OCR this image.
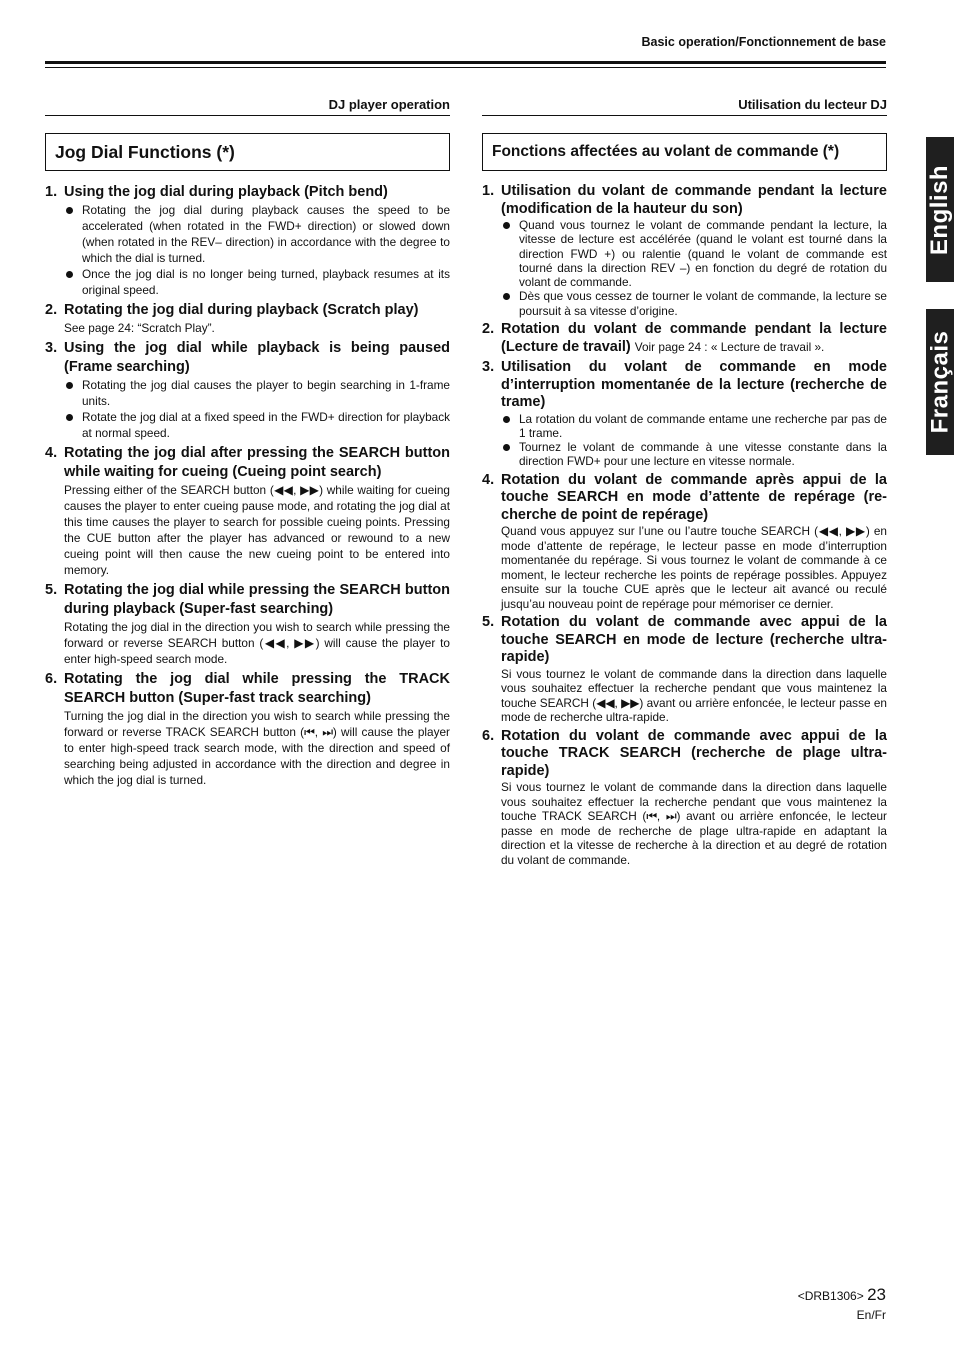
Basic operation/Fonctionnement de base
DJ player operation
Jog Dial Functions (*)
1. Using the jog dial during playback (Pitch bend)
Rotating the jog dial during playback causes the speed to be accelerated (when rotated in the FWD+ direction) or slowed down (when rotated in the REV– direction) in accordance with the degree to which the dial is turned.
Once the jog dial is no longer being turned, playback resumes at its original speed.
2. Rotating the jog dial during playback (Scratch play)
See page 24: “Scratch Play”.
3. Using the jog dial while playback is being paused (Frame searching)
Rotating the jog dial causes the player to begin searching in 1-frame units.
Rotate the jog dial at a fixed speed in the FWD+ direction for playback at normal speed.
4. Rotating the jog dial after pressing the SEARCH button while waiting for cueing (Cueing point search)
Pressing either of the SEARCH button (◀◀, ▶▶) while waiting for cueing causes the player to enter cueing pause mode, and rotating the jog dial at this time causes the player to search for possible cueing points. Pressing the CUE button after the player has advanced or rewound to a new cueing point will then cause the new cueing point to be entered into memory.
5. Rotating the jog dial while pressing the SEARCH button during playback (Super-fast searching)
Rotating the jog dial in the direction you wish to search while pressing the forward or reverse SEARCH button (◀◀, ▶▶) will cause the player to enter high-speed search mode.
6. Rotating the jog dial while pressing the TRACK SEARCH button (Super-fast track searching)
Turning the jog dial in the direction you wish to search while pressing the forward or reverse TRACK SEARCH button (⏮, ⏭) will cause the player to enter high-speed track search mode, with the direction and speed of searching being adjusted in accordance with the direction and degree in which the jog dial is turned.
Utilisation du lecteur DJ
Fonctions affectées au volant de commande (*)
1. Utilisation du volant de commande pendant la lecture (modification de la hauteur du son)
Quand vous tournez le volant de commande pendant la lecture, la vitesse de lecture est accélérée (quand le volant est tourné dans la direction FWD +) ou ralentie (quand le volant de commande est tourné dans la direction REV –) en fonction du degré de rotation du volant de commande.
Dès que vous cessez de tourner le volant de commande, la lecture se poursuit à sa vitesse d’origine.
2. Rotation du volant de commande pendant la lecture (Lecture de travail) Voir page 24 : « Lecture de travail ».
3. Utilisation du volant de commande en mode d’interruption momentanée de la lecture (recherche de trame)
La rotation du volant de commande entame une recherche par pas de 1 trame.
Tournez le volant de commande à une vitesse constante dans la direction FWD+ pour une lecture en vitesse normale.
4. Rotation du volant de commande après appui de la touche SEARCH en mode d’attente de repérage (re-cherche de point de repérage)
Quand vous appuyez sur l’une ou l’autre touche SEARCH (◀◀, ▶▶) en mode d’attente de repérage, le lecteur passe en mode d’interruption momentanée du repérage. Si vous tournez le volant de commande à ce moment, le lecteur recherche les points de repérage possibles. Appuyez ensuite sur la touche CUE après que le lecteur ait avancé ou reculé jusqu’au nouveau point de repérage pour mémoriser ce dernier.
5. Rotation du volant de commande avec appui de la touche SEARCH en mode de lecture (recherche ultra-rapide)
Si vous tournez le volant de commande dans la direction dans laquelle vous souhaitez effectuer la recherche pendant que vous maintenez la touche SEARCH (◀◀, ▶▶) avant ou arrière enfoncée, le lecteur passe en mode de recherche ultra-rapide.
6. Rotation du volant de commande avec appui de la touche TRACK SEARCH (recherche de plage ultra-rapide)
Si vous tournez le volant de commande dans la direction dans laquelle vous souhaitez effectuer la recherche pendant que vous maintenez la touche TRACK SEARCH (⏮, ⏭) avant ou arrière enfoncée, le lecteur passe en mode de recherche de plage ultra-rapide en adaptant la direction et la vitesse de recherche à la direction et au degré de rotation du volant de commande.
English
Français
<DRB1306> 23
En/Fr
